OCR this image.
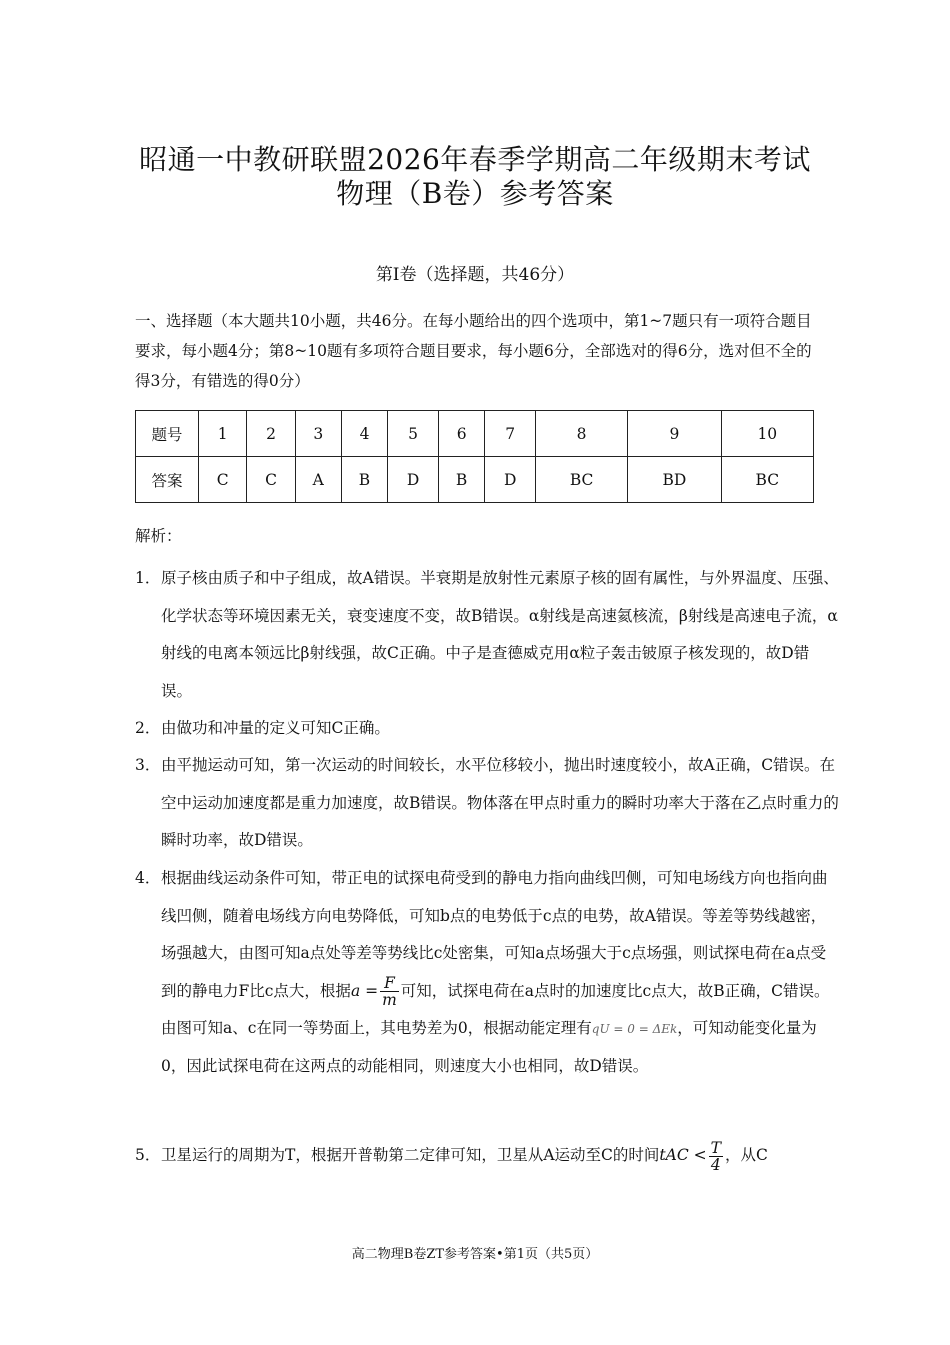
昭通一中教研联盟2026年春季学期高二年级期末考试
物理（B卷）参考答案
第Ⅰ卷（选择题，共46分）
一、选择题（本大题共10小题，共46分。在每小题给出的四个选项中，第1~7题只有一项符合题目要求，每小题4分；第8~10题有多项符合题目要求，每小题6分，全部选对的得6分，选对但不全的得3分，有错选的得0分）
题号	1	2	3	4	5	6	7	8	9	10
答案	C	C	A	B	D	B	D	BC	BD	BC
解析：
1． 原子核由质子和中子组成，故A错误。半衰期是放射性元素原子核的固有属性，与外界温度、压强、化学状态等环境因素无关，衰变速度不变，故B错误。α射线是高速氦核流，β射线是高速电子流，α射线的电离本领远比β射线强，故C正确。中子是查德威克用α粒子轰击铍原子核发现的，故D错误。
2． 由做功和冲量的定义可知C正确。
3． 由平抛运动可知，第一次运动的时间较长，水平位移较小，抛出时速度较小，故A正确，C错误。在空中运动加速度都是重力加速度，故B错误。物体落在甲点时重力的瞬时功率大于落在乙点时重力的瞬时功率，故D错误。
4． 根据曲线运动条件可知，带正电的试探电荷受到的静电力指向曲线凹侧，可知电场线方向也指向曲线凹侧，随着电场线方向电势降低，可知b点的电势低于c点的电势，故A错误。等差等势线越密，场强越大，由图可知a点处等差等势线比c处密集，可知a点场强大于c点场强，则试探电荷在a点受到的静电力F比c点大，根据$a = \frac{F}{m}$ 可知，试探电荷在a点时的加速度比c点大，故B正确，C错误。由图可知a、c在同一等势面上，其电势差为0，根据动能定理有qU = 0 = ΔEk，可知动能变化量为0，因此试探电荷在这两点的动能相同，则速度大小也相同，故D错误。
5． 卫星运行的周期为T，根据开普勒第二定律可知，卫星从A运动至C的时间tAC < $\frac{T}{4}$ ，从C
高二物理B卷ZT参考答案•第1页（共5页）
